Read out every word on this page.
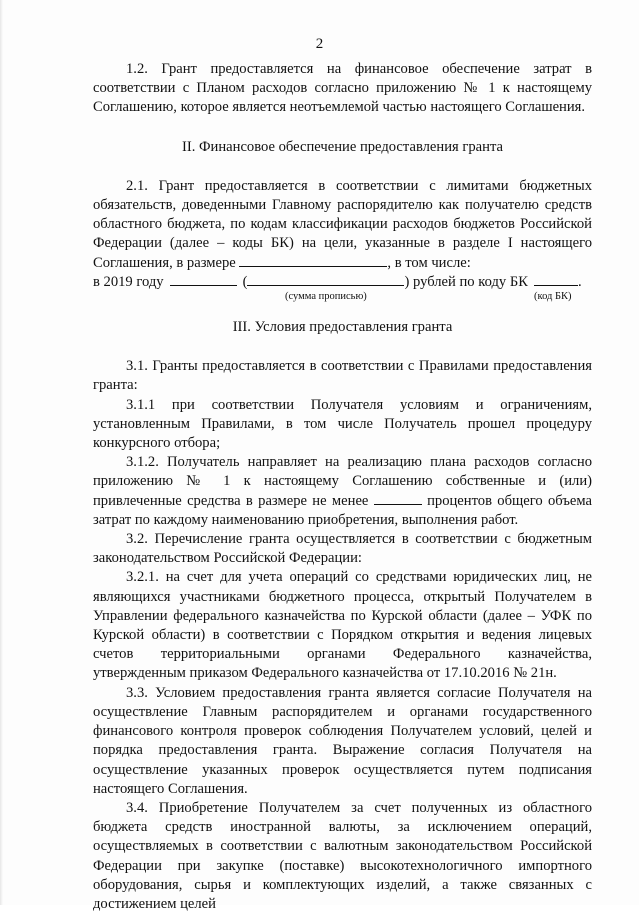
2

1.2. Грант предоставляется на финансовое обеспечение затрат в соответствии с Планом расходов согласно приложению № 1 к настоящему Соглашению, которое является неотъемлемой частью настоящего Соглашения.

II. Финансовое обеспечение предоставления гранта

2.1. Грант предоставляется в соответствии с лимитами бюджетных обязательств, доведенными Главному распорядителю как получателю средств областного бюджета, по кодам классификации расходов бюджетов Российской Федерации (далее – коды БК) на цели, указанные в разделе I настоящего Соглашения, в размере	, в том числе:

в 2019 году	(	) рублей по коду БК	.
(сумма прописью)	(код БК)

III. Условия предоставления гранта

3.1. Гранты предоставляется в соответствии с Правилами предоставления гранта:

3.1.1 при соответствии Получателя условиям и ограничениям, установленным Правилами, в том числе Получатель прошел процедуру конкурсного отбора;

3.1.2. Получатель направляет на реализацию плана расходов согласно приложению № 1 к настоящему Соглашению собственные и (или) привлеченные средства в размере не менее	процентов общего объема затрат по каждому наименованию приобретения, выполнения работ.

3.2. Перечисление гранта осуществляется в соответствии с бюджетным законодательством Российской Федерации:

3.2.1. на счет для учета операций со средствами юридических лиц, не являющихся участниками бюджетного процесса, открытый Получателем в Управлении федерального казначейства по Курской области (далее – УФК по Курской области) в соответствии с Порядком открытия и ведения лицевых счетов территориальными органами Федерального казначейства, утвержденным приказом Федерального казначейства от 17.10.2016 № 21н.

3.3. Условием предоставления гранта является согласие Получателя на осуществление Главным распорядителем и органами государственного финансового контроля проверок соблюдения Получателем условий, целей и порядка предоставления гранта. Выражение согласия Получателя на осуществление указанных проверок осуществляется путем подписания настоящего Соглашения.

3.4. Приобретение Получателем за счет полученных из областного бюджета средств иностранной валюты, за исключением операций, осуществляемых в соответствии с валютным законодательством Российской Федерации при закупке (поставке) высокотехнологичного импортного оборудования, сырья и комплектующих изделий, а также связанных с достижением целей
